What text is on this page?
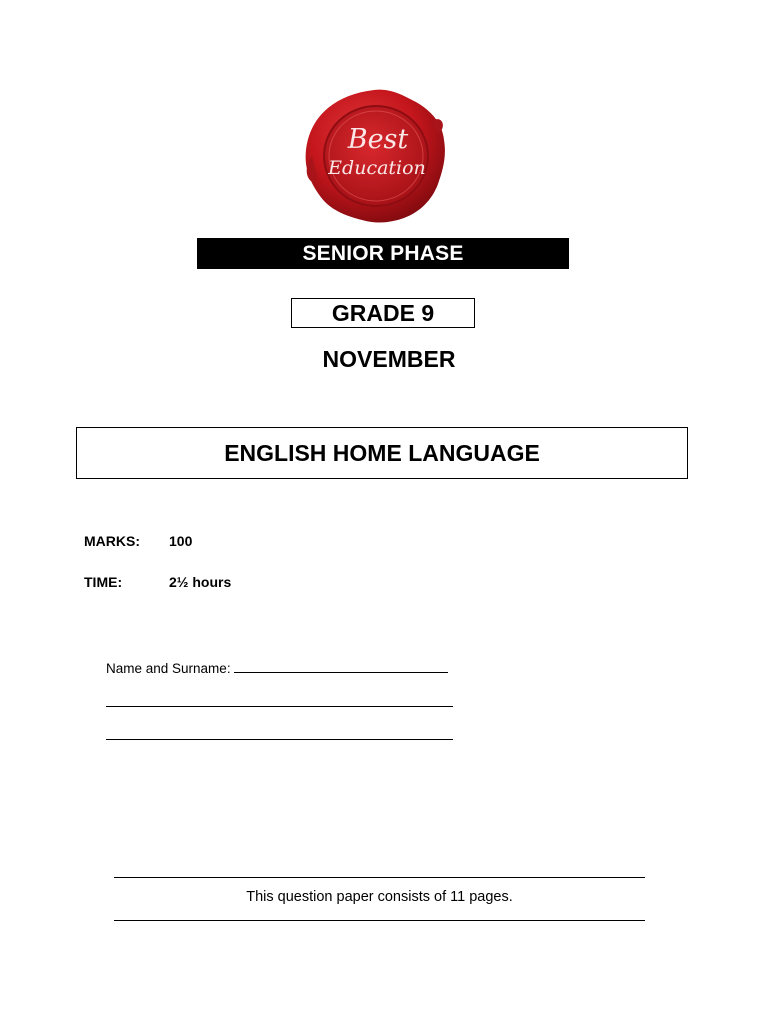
Best
Education
SENIOR PHASE
GRADE 9
NOVEMBER
ENGLISH HOME LANGUAGE
MARKS: 100
TIME:	2½ hours
Name and Surname:
This question paper consists of 11 pages.
